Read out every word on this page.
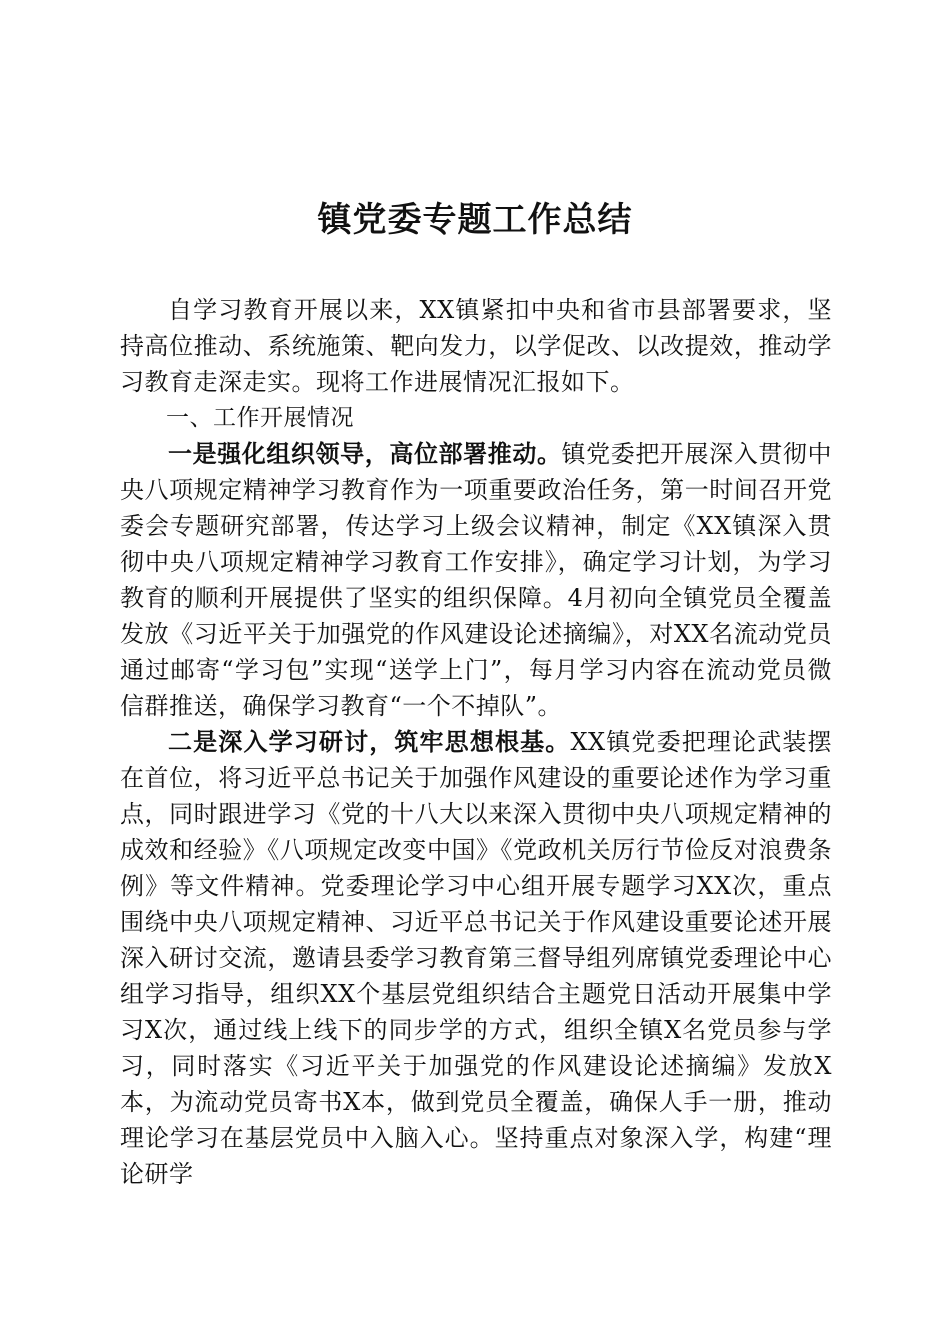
镇党委专题工作总结

自学习教育开展以来，XX镇紧扣中央和省市县部署要求，坚持高位推动、系统施策、靶向发力，以学促改、以改提效，推动学习教育走深走实。现将工作进展情况汇报如下。

一、工作开展情况

一是强化组织领导，高位部署推动。镇党委把开展深入贯彻中央八项规定精神学习教育作为一项重要政治任务，第一时间召开党委会专题研究部署，传达学习上级会议精神，制定《XX镇深入贯彻中央八项规定精神学习教育工作安排》，确定学习计划，为学习教育的顺利开展提供了坚实的组织保障。4月初向全镇党员全覆盖发放《习近平关于加强党的作风建设论述摘编》，对XX名流动党员通过邮寄“学习包”实现“送学上门”，每月学习内容在流动党员微信群推送，确保学习教育“一个不掉队”。

二是深入学习研讨，筑牢思想根基。XX镇党委把理论武装摆在首位，将习近平总书记关于加强作风建设的重要论述作为学习重点，同时跟进学习《党的十八大以来深入贯彻中央八项规定精神的成效和经验》《八项规定改变中国》《党政机关厉行节俭反对浪费条例》等文件精神。党委理论学习中心组开展专题学习XX次，重点围绕中央八项规定精神、习近平总书记关于作风建设重要论述开展深入研讨交流，邀请县委学习教育第三督导组列席镇党委理论中心组学习指导，组织XX个基层党组织结合主题党日活动开展集中学习X次，通过线上线下的同步学的方式，组织全镇X名党员参与学习，同时落实《习近平关于加强党的作风建设论述摘编》发放X本，为流动党员寄书X本，做到党员全覆盖，确保人手一册，推动理论学习在基层党员中入脑入心。坚持重点对象深入学，构建“理论研学
